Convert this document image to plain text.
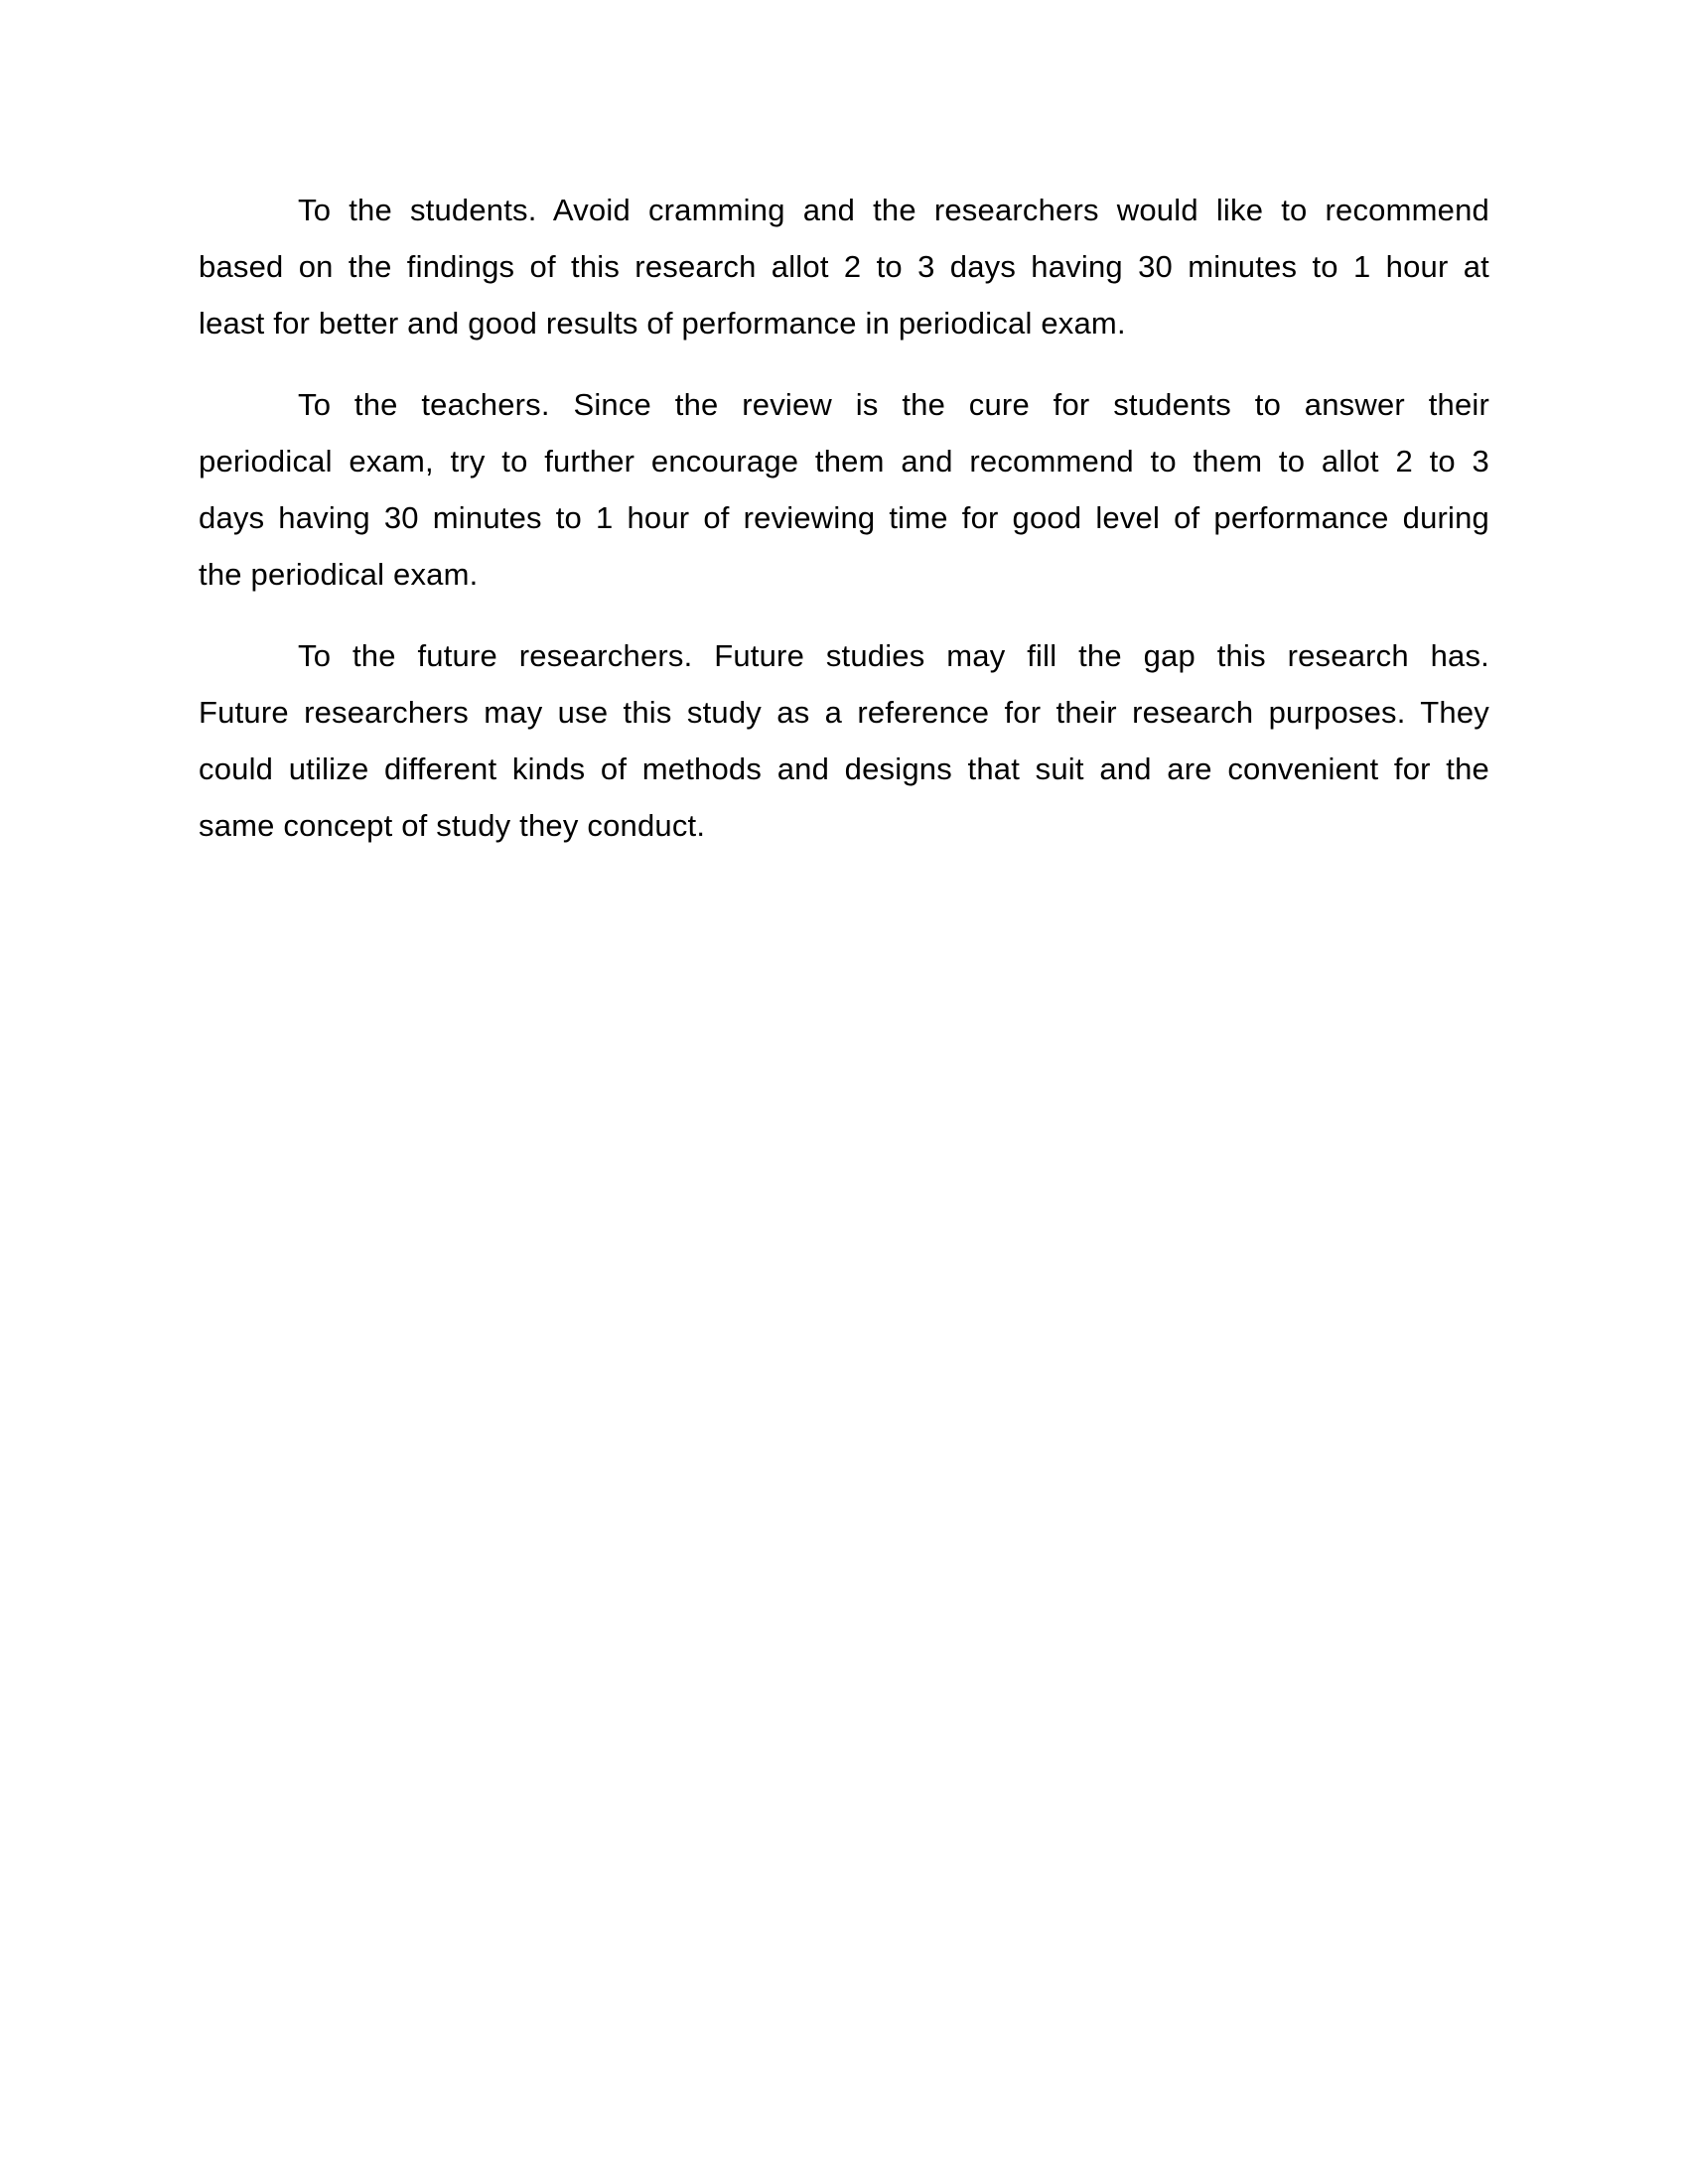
To the students. Avoid cramming and the researchers would like to recommend
based on the findings of this research allot 2 to 3 days having 30 minutes to 1 hour at
least for better and good results of performance in periodical exam.
To the teachers. Since the review is the cure for students to answer their
periodical exam, try to further encourage them and recommend to them to allot 2 to 3
days having 30 minutes to 1 hour of reviewing time for good level of performance during
the periodical exam.
To the future researchers. Future studies may fill the gap this research has.
Future researchers may use this study as a reference for their research purposes. They
could utilize different kinds of methods and designs that suit and are convenient for the
same concept of study they conduct.
